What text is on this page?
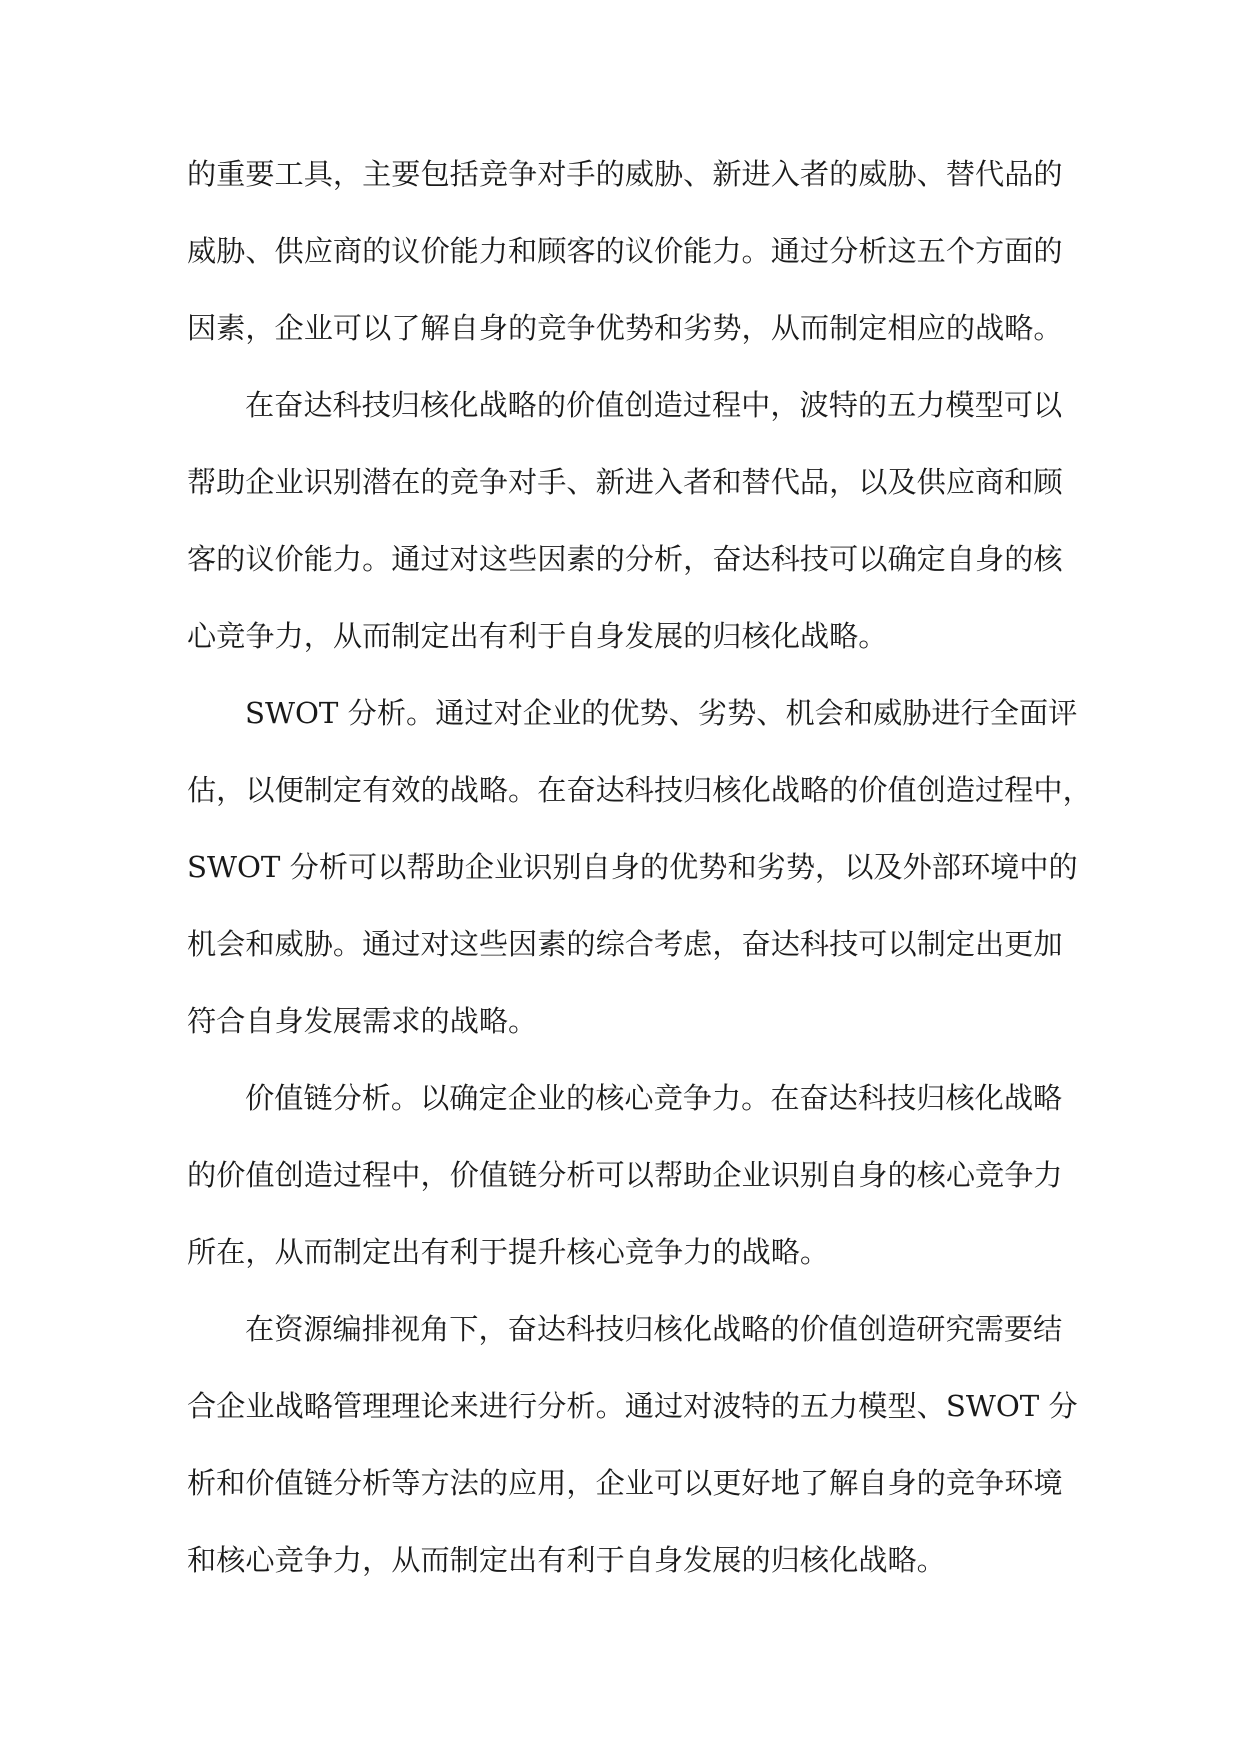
的重要工具，主要包括竞争对手的威胁、新进入者的威胁、替代品的
威胁、供应商的议价能力和顾客的议价能力。通过分析这五个方面的
因素，企业可以了解自身的竞争优势和劣势，从而制定相应的战略。
在奋达科技归核化战略的价值创造过程中，波特的五力模型可以
帮助企业识别潜在的竞争对手、新进入者和替代品，以及供应商和顾
客的议价能力。通过对这些因素的分析，奋达科技可以确定自身的核
心竞争力，从而制定出有利于自身发展的归核化战略。
SWOT 分析。通过对企业的优势、劣势、机会和威胁进行全面评
估，以便制定有效的战略。在奋达科技归核化战略的价值创造过程中，
SWOT 分析可以帮助企业识别自身的优势和劣势，以及外部环境中的
机会和威胁。通过对这些因素的综合考虑，奋达科技可以制定出更加
符合自身发展需求的战略。
价值链分析。以确定企业的核心竞争力。在奋达科技归核化战略
的价值创造过程中，价值链分析可以帮助企业识别自身的核心竞争力
所在，从而制定出有利于提升核心竞争力的战略。
在资源编排视角下，奋达科技归核化战略的价值创造研究需要结
合企业战略管理理论来进行分析。通过对波特的五力模型、SWOT 分
析和价值链分析等方法的应用，企业可以更好地了解自身的竞争环境
和核心竞争力，从而制定出有利于自身发展的归核化战略。
